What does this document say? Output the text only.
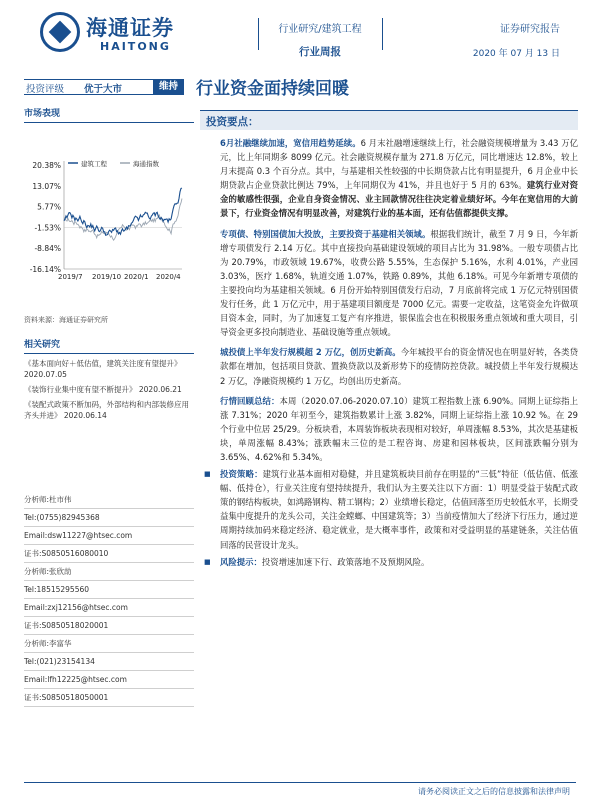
海通证券
HAITONG
行业研究/建筑工程
行业周报
证券研究报告
2020 年 07 月 13 日
投资评级 优于大市	维持	行业资金面持续回暖
市场表现
20.38%
13.07%
5.77%
-1.53%
-8.84%
-16.14%
2019/7 2019/10 2020/1 2020/4
建筑工程	海通指数
资料来源：海通证券研究所
相关研究
《基本面向好＋低估值，建筑关注度有望提升》 2020.07.05
《装饰行业集中度有望不断提升》 2020.06.21
《装配式政策不断加码，外部结构和内部装修应用齐头并进》 2020.06.14
分析师:杜市伟
Tel:(0755)82945368
Email:dsw11227@htsec.com
证书:S0850516080010
分析师:张欣劼
Tel:18515295560
Email:zxj12156@htsec.com
证书:S0850518020001
分析师:李富华
Tel:(021)23154134
Email:lfh12225@htsec.com
证书:S0850518050001
投资要点：
6月社融继续加速，宽信用趋势延续。6 月末社融增速继续上行，社会融资规模增量为 3.43 万亿元，比上年同期多 8099 亿元。社会融资规模存量为 271.8 万亿元，同比增速达 12.8%，较上月末提高 0.3 个百分点。其中，与基建相关性较强的中长期贷款占比有明显提升，6 月企业中长期贷款占企业贷款比例达 79%，上年同期仅为 41%，并且也好于 5 月的 63%。建筑行业对资金的敏感性很强，企业自身资金情况、业主回款情况往往决定着业绩好坏。今年在宽信用的大前景下，行业资金情况有明显改善，对建筑行业的基本面，还有估值都提供支撑。
专项债、特别国债加大投放，主要投资于基建相关领域。根据我们统计，截至 7 月 9 日，今年新增专项债发行 2.14 万亿。其中直接投向基础建设领域的项目占比为 31.98%。一般专项债占比为 20.79%，市政领域 19.67%，收费公路 5.55%，生态保护 5.16%，水利 4.01%，产业园 3.03%，医疗 1.68%，轨道交通 1.07%，铁路 0.89%，其他 6.18%。可见今年新增专项债的主要投向均为基建相关领域。6 月份开始特别国债发行启动，7 月底前将完成 1 万亿元特别国债发行任务，此 1 万亿元中，用于基建项目额度是 7000 亿元。需要一定收益，这笔资金允许做项目资本金，同时，为了加速复工复产有序推进，银保监会也在积极服务重点领域和重大项目，引导资金更多投向制造业、基础设施等重点领域。
城投债上半年发行规模超 2 万亿，创历史新高。今年城投平台的资金情况也在明显好转，各类贷款都在增加，包括项目贷款、置换贷款以及新形势下的疫情防控贷款。城投债上半年发行规模达 2 万亿，净融资规模约 1 万亿，均创出历史新高。
行情回顾总结：本周（2020.07.06-2020.07.10）建筑工程指数上涨 6.90%。同期上证综指上涨 7.31%；2020 年初至今，建筑指数累计上涨 3.82%，同期上证综指上涨 10.92 %。在 29 个行业中位居 25/29。分板块看，本周装饰板块表现相对较好，单周涨幅 8.53%，其次是基建板块，单周涨幅 8.43%；涨跌幅末三位的是工程咨询、房建和园林板块，区间涨跌幅分别为 3.65%、4.62%和 5.34%。
■ 投资策略：建筑行业基本面相对稳健，并且建筑板块目前存在明显的“三低”特征（低估值、低涨幅、低持仓），行业关注度有望持续提升，我们认为主要关注以下方面：1）明显受益于装配式政策的钢结构板块，如鸿路钢构、精工钢构；2）业绩增长稳定，估值回落至历史较低水平，长期受益集中度提升的龙头公司，关注金螳螂、中国建筑等；3）当前疫情加大了经济下行压力，通过逆周期持续加码来稳定经济、稳定就业，是大概率事件，政策和对受益明显的基建链条，关注估值回落的民营设计龙头。
■ 风险提示：投资增速加速下行、政策落地不及预期风险。
请务必阅读正文之后的信息披露和法律声明
